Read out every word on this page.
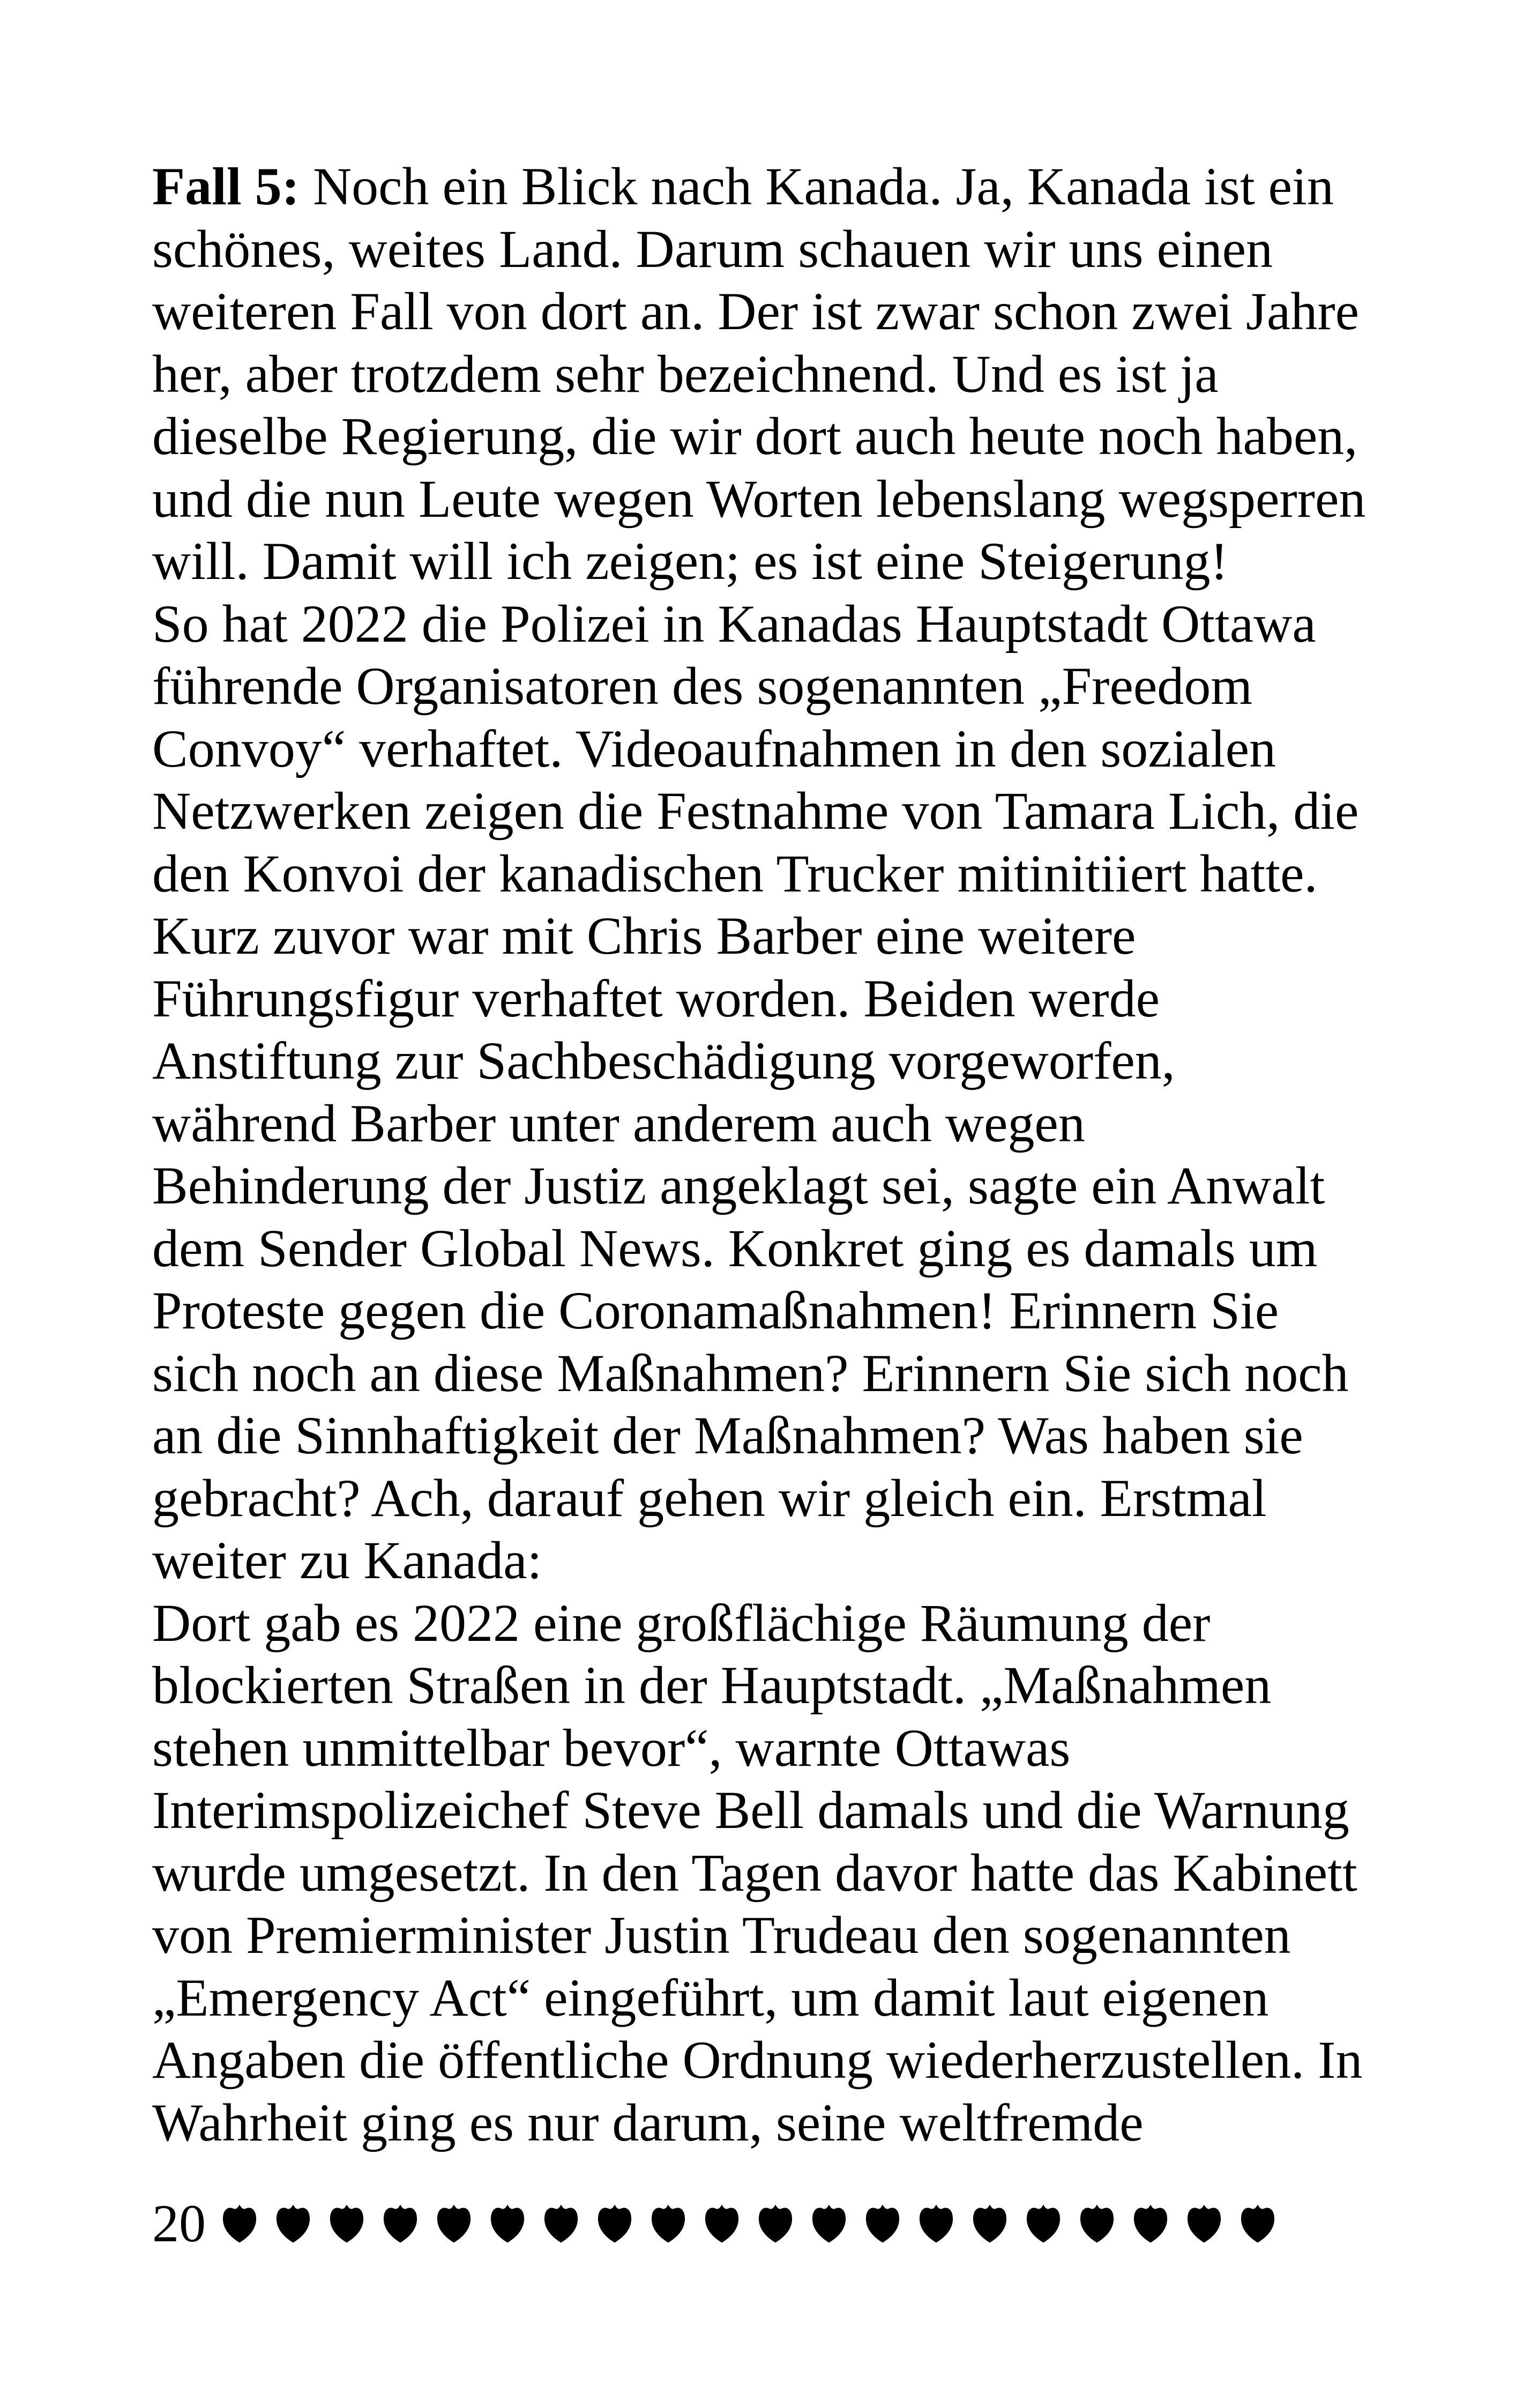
Fall 5: Noch ein Blick nach Kanada. Ja, Kanada ist ein
schönes, weites Land. Darum schauen wir uns einen
weiteren Fall von dort an. Der ist zwar schon zwei Jahre
her, aber trotzdem sehr bezeichnend. Und es ist ja
dieselbe Regierung, die wir dort auch heute noch haben,
und die nun Leute wegen Worten lebenslang wegsperren
will. Damit will ich zeigen; es ist eine Steigerung!
So hat 2022 die Polizei in Kanadas Hauptstadt Ottawa
führende Organisatoren des sogenannten „Freedom
Convoy“ verhaftet. Videoaufnahmen in den sozialen
Netzwerken zeigen die Festnahme von Tamara Lich, die
den Konvoi der kanadischen Trucker mitinitiiert hatte.
Kurz zuvor war mit Chris Barber eine weitere
Führungsfigur verhaftet worden. Beiden werde
Anstiftung zur Sachbeschädigung vorgeworfen,
während Barber unter anderem auch wegen
Behinderung der Justiz angeklagt sei, sagte ein Anwalt
dem Sender Global News. Konkret ging es damals um
Proteste gegen die Coronamaßnahmen! Erinnern Sie
sich noch an diese Maßnahmen? Erinnern Sie sich noch
an die Sinnhaftigkeit der Maßnahmen? Was haben sie
gebracht? Ach, darauf gehen wir gleich ein. Erstmal
weiter zu Kanada:
Dort gab es 2022 eine großflächige Räumung der
blockierten Straßen in der Hauptstadt. „Maßnahmen
stehen unmittelbar bevor“, warnte Ottawas
Interimspolizeichef Steve Bell damals und die Warnung
wurde umgesetzt. In den Tagen davor hatte das Kabinett
von Premierminister Justin Trudeau den sogenannten
„Emergency Act“ eingeführt, um damit laut eigenen
Angaben die öffentliche Ordnung wiederherzustellen. In
Wahrheit ging es nur darum, seine weltfremde
20
